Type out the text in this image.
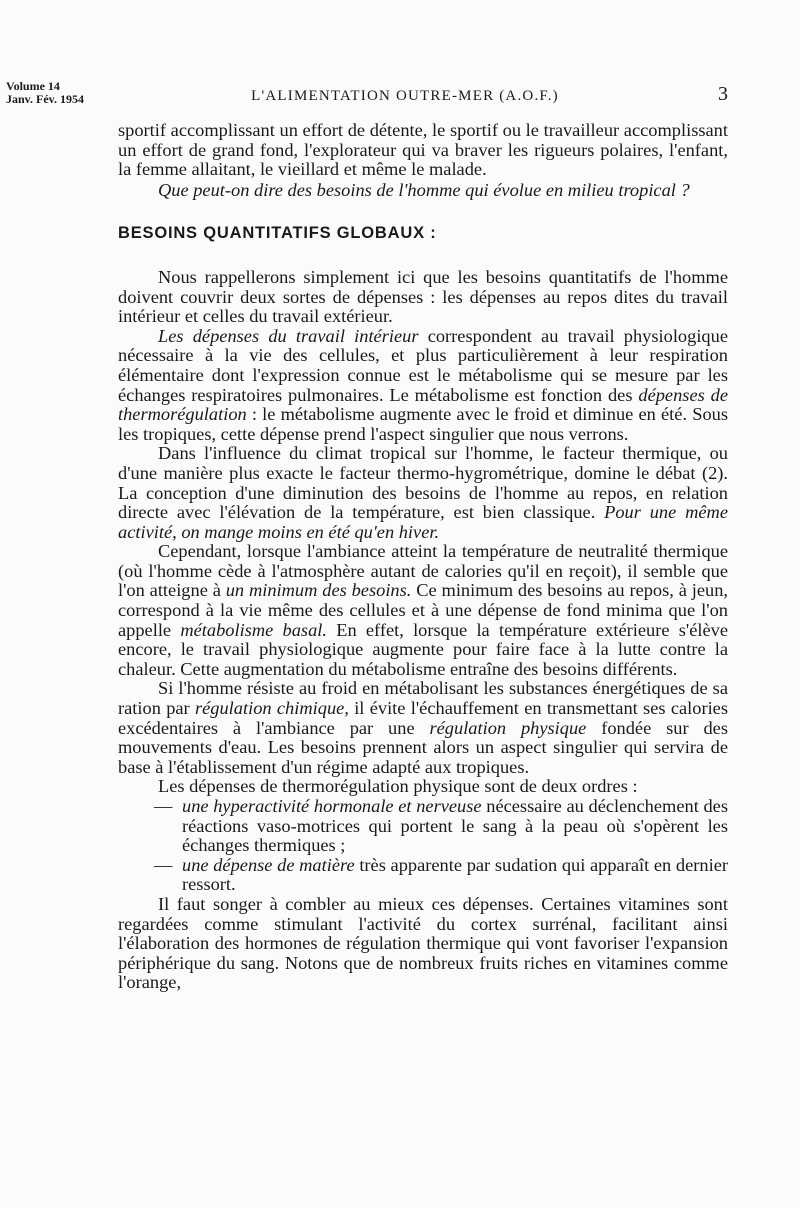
Volume 14
Janv. Fév. 1954	L'ALIMENTATION OUTRE-MER (A.O.F.)	3

sportif accomplissant un effort de détente, le sportif ou le travailleur accomplissant un effort de grand fond, l'explorateur qui va braver les rigueurs polaires, l'enfant, la femme allaitant, le vieillard et même le malade.

Que peut-on dire des besoins de l'homme qui évolue en milieu tropical ?

BESOINS QUANTITATIFS GLOBAUX :

Nous rappellerons simplement ici que les besoins quantitatifs de l'homme doivent couvrir deux sortes de dépenses : les dépenses au repos dites du travail intérieur et celles du travail extérieur.

Les dépenses du travail intérieur correspondent au travail physiologique nécessaire à la vie des cellules, et plus particulièrement à leur respiration élémentaire dont l'expression connue est le métabolisme qui se mesure par les échanges respiratoires pulmonaires. Le métabolisme est fonction des dépenses de thermorégulation : le métabolisme augmente avec le froid et diminue en été. Sous les tropiques, cette dépense prend l'aspect singulier que nous verrons.

Dans l'influence du climat tropical sur l'homme, le facteur thermique, ou d'une manière plus exacte le facteur thermo-hygrométrique, domine le débat (2). La conception d'une diminution des besoins de l'homme au repos, en relation directe avec l'élévation de la température, est bien classique. Pour une même activité, on mange moins en été qu'en hiver.

Cependant, lorsque l'ambiance atteint la température de neutralité thermique (où l'homme cède à l'atmosphère autant de calories qu'il en reçoit), il semble que l'on atteigne à un minimum des besoins. Ce minimum des besoins au repos, à jeun, correspond à la vie même des cellules et à une dépense de fond minima que l'on appelle métabolisme basal. En effet, lorsque la température extérieure s'élève encore, le travail physiologique augmente pour faire face à la lutte contre la chaleur. Cette augmentation du métabolisme entraîne des besoins différents.

Si l'homme résiste au froid en métabolisant les substances énergétiques de sa ration par régulation chimique, il évite l'échauffement en transmettant ses calories excédentaires à l'ambiance par une régulation physique fondée sur des mouvements d'eau. Les besoins prennent alors un aspect singulier qui servira de base à l'établissement d'un régime adapté aux tropiques.

Les dépenses de thermorégulation physique sont de deux ordres :

— une hyperactivité hormonale et nerveuse nécessaire au déclenchement des réactions vaso-motrices qui portent le sang à la peau où s'opèrent les échanges thermiques ;
— une dépense de matière très apparente par sudation qui apparaît en dernier ressort.

Il faut songer à combler au mieux ces dépenses. Certaines vitamines sont regardées comme stimulant l'activité du cortex surrénal, facilitant ainsi l'élaboration des hormones de régulation thermique qui vont favoriser l'expansion périphérique du sang. Notons que de nombreux fruits riches en vitamines comme l'orange,
